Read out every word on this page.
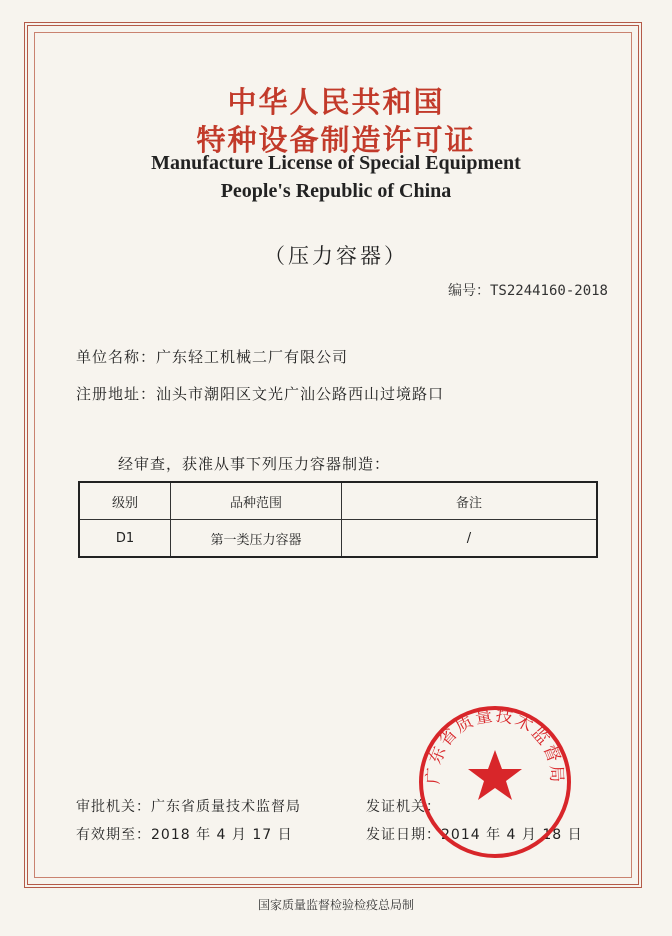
中华人民共和国
特种设备制造许可证
Manufacture License of Special Equipment
People's Republic of China
（压力容器）
编号：TS2244160-2018
单位名称：广东轻工机械二厂有限公司
注册地址：汕头市潮阳区文光广汕公路西山过境路口
经审查，获准从事下列压力容器制造：
级别	品种范围	备注
D1	第一类压力容器	/
审批机关：广东省质量技术监督局	发证机关：
有效期至：2018 年 4 月 17 日	发证日期：2014 年 4 月 18 日
广东省质量技术监督局
国家质量监督检验检疫总局制
